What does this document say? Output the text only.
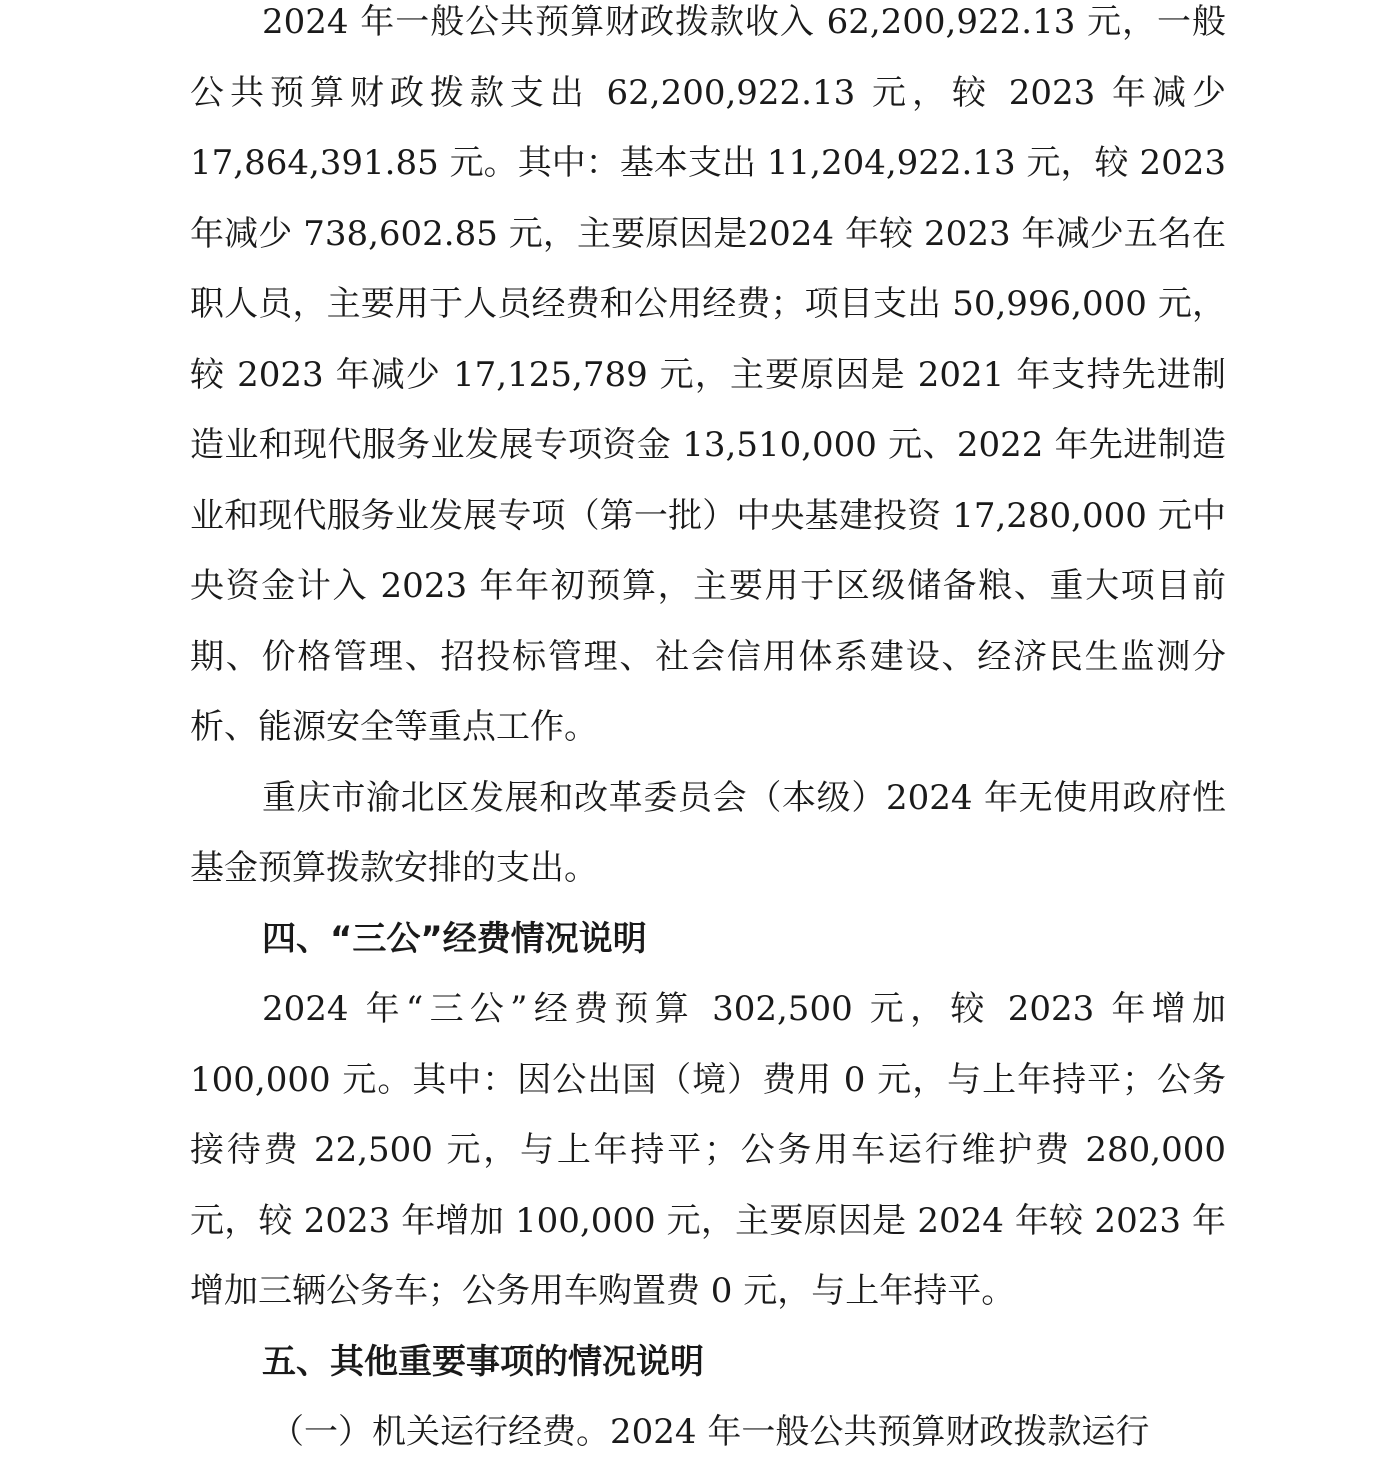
2024 年一般公共预算财政拨款收入 62,200,922.13 元，一般公共预算财政拨款支出 62,200,922.13 元，较 2023 年减少17,864,391.85 元。其中：基本支出 11,204,922.13 元，较 2023 年减少 738,602.85 元，主要原因是2024 年较 2023 年减少五名在职人员，主要用于人员经费和公用经费；项目支出 50,996,000 元，较 2023 年减少 17,125,789 元，主要原因是 2021 年支持先进制造业和现代服务业发展专项资金 13,510,000 元、2022 年先进制造业和现代服务业发展专项（第一批）中央基建投资 17,280,000 元中央资金计入 2023 年年初预算，主要用于区级储备粮、重大项目前期、价格管理、招投标管理、社会信用体系建设、经济民生监测分析、能源安全等重点工作。

重庆市渝北区发展和改革委员会（本级）2024 年无使用政府性基金预算拨款安排的支出。

四、“三公”经费情况说明

2024 年“三公”经费预算 302,500 元，较 2023 年增加100,000 元。其中：因公出国（境）费用 0 元，与上年持平；公务接待费 22,500 元，与上年持平；公务用车运行维护费 280,000元，较 2023 年增加 100,000 元，主要原因是 2024 年较 2023 年增加三辆公务车；公务用车购置费 0 元，与上年持平。

五、其他重要事项的情况说明

（一）机关运行经费。2024 年一般公共预算财政拨款运行
